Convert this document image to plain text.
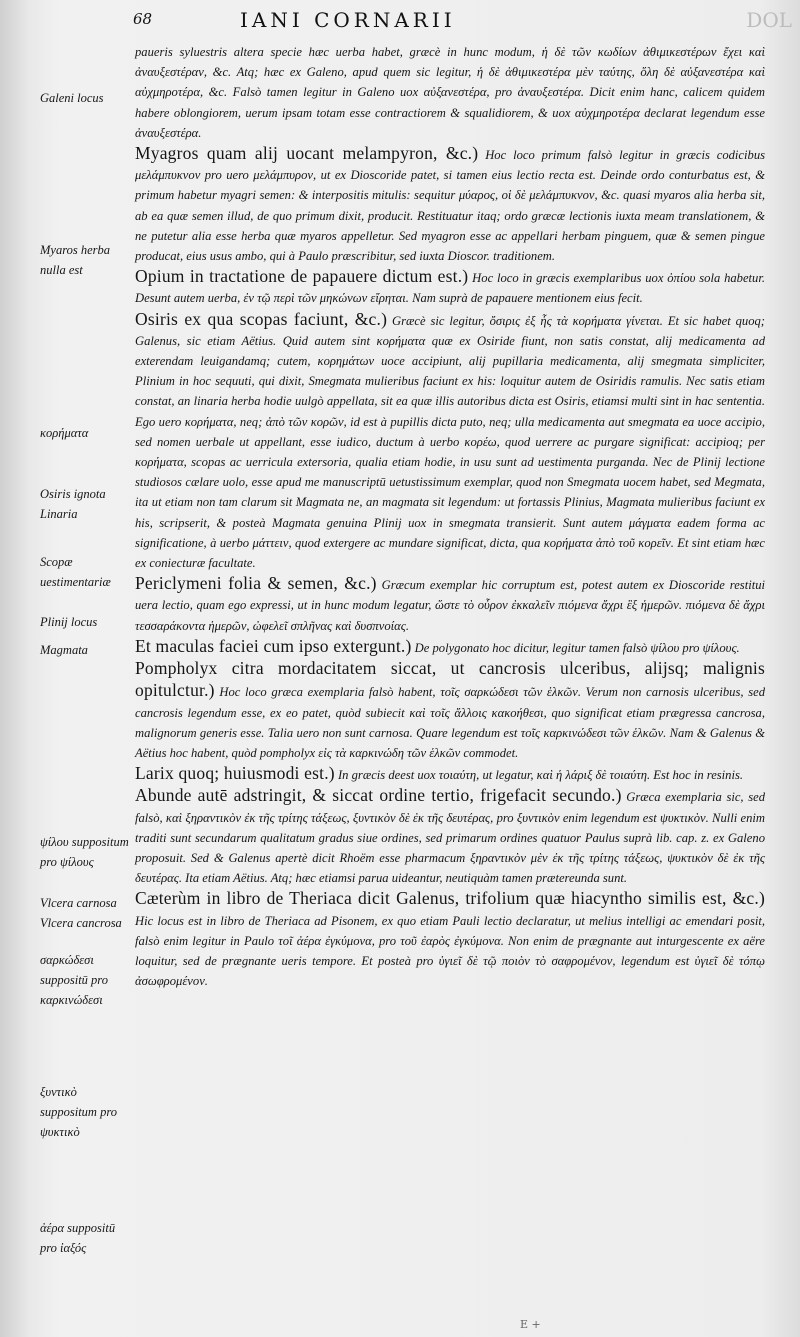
68	IANI CORNARII	DOL
Galeni locus
Myaros herba nulla est
κορήματα
Osiris ignota Linaria
Scopæ uestimentariæ
Plinij locus
Magmata
ψίλου suppositum pro ψίλους
Vlcera carnosa Vlcera cancrosa
σαρκώδεσι suppositū pro καρκινώδεσι
ξυντικὸ suppositum pro ψυκτικὸ
ἀέρα suppositū pro ἰαξός

paueris syluestris altera specie hæc uerba habet, græcè in hunc modum, ἡ δὲ τῶν κωδίων ἀθιμικεστέρων ἔχει καὶ ἀναυξεστέραν, &c. Atq; hæc ex Galeno, apud quem sic legitur, ἡ δὲ ἀθιμικεστέρα μὲν ταύτης, ὅλη δὲ αὐξανεστέρα καὶ αὐχμηροτέρα, &c. Falsò tamen legitur in Galeno uox αὐξανεστέρα, pro ἀναυξεστέρα. Dicit enim hanc, calicem quidem habere oblongiorem, uerum ipsam totam esse contractiorem & squalidiorem, & uox αὐχμηροτέρα declarat legendum esse ἀναυξεστέρα.

Myagros quam alij uocant melampyron, &c.) Hoc loco primum falsò legitur in græcis codicibus μελάμπυκνον pro uero μελάμπυρον, ut ex Dioscoride patet, si tamen eius lectio recta est. Deinde ordo conturbatus est, & primum habetur myagri semen: & interpositis mitulis: sequitur μύαρος, οἱ δὲ μελάμπυκνον, &c. quasi myaros alia herba sit, ab ea quæ semen illud, de quo primum dixit, producit. Restituatur itaq; ordo græcæ lectionis iuxta meam translationem, & ne putetur alia esse herba quæ myaros appelletur. Sed myagron esse ac appellari herbam pinguem, quæ & semen pingue producat, eius usus ambo, qui à Paulo præscribitur, sed iuxta Dioscor. traditionem.

Opium in tractatione de papauere dictum est.) Hoc loco in græcis exemplaribus uox ὀπίου sola habetur. Desunt autem uerba, ἐν τῷ περὶ τῶν μηκώνων εἴρηται. Nam suprà de papauere mentionem eius fecit.

Osiris ex qua scopas faciunt, &c.) Græcè sic legitur, ὄσιρις ἐξ ἧς τὰ κορήματα γίνεται. Et sic habet quoq; Galenus, sic etiam Aëtius. Quid autem sint κορήματα quæ ex Osiride fiunt, non satis constat, alij medicamenta ad exterendam leuigandamq; cutem, κορημάτων uoce accipiunt, alij pupillaria medicamenta, alij smegmata simpliciter, Plinium in hoc sequuti, qui dixit, Smegmata mulieribus faciunt ex his: loquitur autem de Osiridis ramulis. Nec satis etiam constat, an linaria herba hodie uulgò appellata, sit ea quæ illis autoribus dicta est Osiris, etiamsi multi sint in hac sententia. Ego uero κορήματα, neq; ἀπὸ τῶν κορῶν, id est à pupillis dicta puto, neq; ulla medicamenta aut smegmata ea uoce accipio, sed nomen uerbale ut appellant, esse iudico, ductum à uerbo κορέω, quod uerrere ac purgare significat: accipioq; per κορήματα, scopas ac uerricula extersoria, qualia etiam hodie, in usu sunt ad uestimenta purganda. Nec de Plinij lectione studiosos cælare uolo, esse apud me manuscriptū uetustissimum exemplar, quod non Smegmata uocem habet, sed Megmata, ita ut etiam non tam clarum sit Magmata ne, an magmata sit legendum: ut fortassis Plinius, Magmata mulieribus faciunt ex his, scripserit, & posteà Magmata genuina Plinij uox in smegmata transierit. Sunt autem μάγματα eadem forma ac significatione, à uerbo μάττειν, quod extergere ac mundare significat, dicta, qua κορήματα ἀπὸ τοῦ κορεῖν. Et sint etiam hæc ex coniecturæ facultate.

Periclymeni folia & semen, &c.) Græcum exemplar hic corruptum est, potest autem ex Dioscoride restitui uera lectio, quam ego expressi, ut in hunc modum legatur, ὥστε τὸ οὖρον ἐκκαλεῖν πιόμενα ἄχρι ἓξ ἡμερῶν. πιόμενα δὲ ἄχρι τεσσαράκοντα ἡμερῶν, ὠφελεῖ σπλῆνας καὶ δυσπνοίας.

Et maculas faciei cum ipso extergunt.) De polygonato hoc dicitur, legitur tamen falsò ψίλου pro ψίλους.

Pompholyx citra mordacitatem siccat, ut cancrosis ulceribus, alijsq; malignis opitulctur.) Hoc loco græca exemplaria falsò habent, τοῖς σαρκώδεσι τῶν ἑλκῶν. Verum non carnosis ulceribus, sed cancrosis legendum esse, ex eo patet, quòd subiecit καὶ τοῖς ἄλλοις κακοήθεσι, quo significat etiam prægressa cancrosa, malignorum generis esse. Talia uero non sunt carnosa. Quare legendum est τοῖς καρκινώδεσι τῶν ἑλκῶν. Nam & Galenus & Aëtius hoc habent, quòd pompholyx εἰς τὰ καρκινώδη τῶν ἑλκῶν commodet.

Larix quoq; huiusmodi est.) In græcis deest uox τοιαύτη, ut legatur, καὶ ἡ λάριξ δὲ τοιαύτη. Est hoc in resinis.

Abunde autē adstringit, & siccat ordine tertio, frigefacit secundo.) Græca exemplaria sic, sed falsò, καὶ ξηραντικὸν ἐκ τῆς τρίτης τάξεως, ξυντικὸν δὲ ἐκ τῆς δευτέρας, pro ξυντικὸν enim legendum est ψυκτικὸν. Nulli enim traditi sunt secundarum qualitatum gradus siue ordines, sed primarum ordines quatuor Paulus suprà lib. cap. z. ex Galeno proposuit. Sed & Galenus apertè dicit Rhoëm esse pharmacum ξηραντικὸν μὲν ἐκ τῆς τρίτης τάξεως, ψυκτικὸν δὲ ἐκ τῆς δευτέρας. Ita etiam Aëtius. Atq; hæc etiamsi parua uideantur, neutiquàm tamen prætereunda sunt.

Cæterùm in libro de Theriaca dicit Galenus, trifolium quæ hiacyntho similis est, &c.) Hic locus est in libro de Theriaca ad Pisonem, ex quo etiam Pauli lectio declaratur, ut melius intelligi ac emendari posit, falsò enim legitur in Paulo τοῖ ἀέρα ἐγκύμονα, pro τοῦ ἐαρὸς ἐγκύμονα. Non enim de prægnante aut inturgescente ex aëre loquitur, sed de prægnante ueris tempore. Et posteà pro ὑγιεῖ δὲ τῷ ποιὸν τὸ σαφρομένον, legendum est ὑγιεῖ δὲ τόπῳ ἀσωφρομένον.

E +
